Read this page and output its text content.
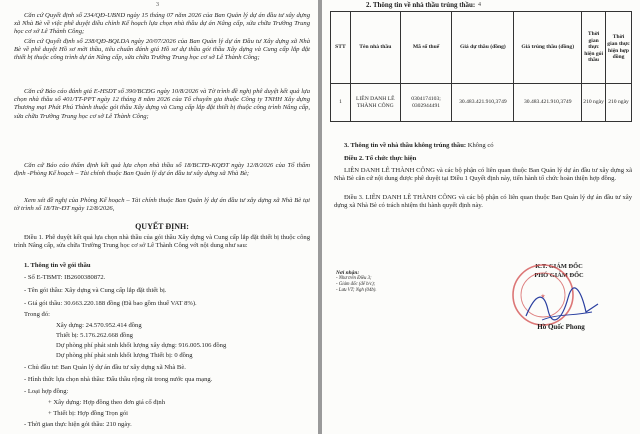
3

Căn cứ Quyết định số 234/QĐ-UBND ngày 15 tháng 07 năm 2026 của Ban Quản lý dự án đầu tư xây dựng xã Nhà Bè về việc phê duyệt điều chỉnh Kế hoạch lựa chọn nhà thầu dự án Nâng cấp, sửa chữa Trường Trung học cơ sở Lê Thành Công;

Căn cứ Quyết định số 238/QĐ-BQLDA ngày 20/07/2026 của Ban Quản lý dự án Đầu tư Xây dựng xã Nhà Bè về phê duyệt Hồ sơ mời thầu, tiêu chuẩn đánh giá Hồ sơ dự thầu gói thầu Xây dựng và Cung cấp lắp đặt thiết bị thuộc công trình dự án Nâng cấp, sửa chữa Trường Trung học cơ sở Lê Thành Công;

Căn cứ Báo cáo đánh giá E-HSDT số 390/BCĐG ngày 10/8/2026 và Tờ trình đề nghị phê duyệt kết quả lựa chọn nhà thầu số 401/TT-PPT ngày 12 tháng 8 năm 2026 của Tổ chuyên gia thuộc Công ty TNHH Xây dựng Thương mại Phát Phú Thành thuộc gói thầu Xây dựng và Cung cấp lắp đặt thiết bị thuộc công trình Nâng cấp, sửa chữa Trường Trung học cơ sở Lê Thành Công;

Căn cứ Báo cáo thẩm định kết quả lựa chọn nhà thầu số 18/BCTĐ-KQĐT ngày 12/8/2026 của Tổ thẩm định -Phòng Kế hoạch – Tài chính thuộc Ban Quản lý dự án đầu tư xây dựng xã Nhà Bè;

Xem xét đề nghị của Phòng Kế hoạch – Tài chính thuộc Ban Quản lý dự án đầu tư xây dựng xã Nhà Bè tại tờ trình số 18/Ttr-ĐT ngày 12/8/2026,

QUYẾT ĐỊNH:

Điều 1. Phê duyệt kết quả lựa chọn nhà thầu của gói thầu Xây dựng và Cung cấp lắp đặt thiết bị thuộc công trình Nâng cấp, sửa chữa Trường Trung học cơ sở Lê Thành Công với nội dung như sau:

1. Thông tin về gói thầu
- Số E-TBMT: IB2600380872.
- Tên gói thầu: Xây dựng và Cung cấp lắp đặt thiết bị.
- Giá gói thầu: 30.663.220.188 đồng (Đã bao gồm thuế VAT 8%).
Trong đó:
Xây dựng: 24.570.952.414 đồng
Thiết bị: 5.176.262.668 đồng
Dự phòng phí phát sinh khối lượng xây dựng: 916.005.106 đồng
Dự phòng phí phát sinh khối lượng Thiết bị: 0 đồng
- Chủ đầu tư: Ban Quản lý dự án đầu tư xây dựng xã Nhà Bè.
- Hình thức lựa chọn nhà thầu: Đấu thầu rộng rãi trong nước qua mạng.
- Loại hợp đồng:
+ Xây dựng: Hợp đồng theo đơn giá cố định
+ Thiết bị: Hợp đồng Trọn gói
- Thời gian thực hiện gói thầu: 210 ngày.
4
2. Thông tin về nhà thầu trúng thầu:
STT	Tên nhà thầu	Mã số thuế	Giá dự thầu (đồng)	Giá trúng thầu (đồng)	Thời gian thực hiện gói thầu	Thời gian thực hiện hợp đồng
1	LIÊN DANH LÊ THÀNH CÔNG	0304174103; 0302944491	30.483.421.910,3749	30.483.421.910,3749	210 ngày	210 ngày
3. Thông tin về nhà thầu không trúng thầu: Không có
Điều 2. Tổ chức thực hiện

LIÊN DANH LÊ THÀNH CÔNG và các bộ phận có liên quan thuộc Ban Quản lý dự án đầu tư xây dựng xã Nhà Bè căn cứ nội dung được phê duyệt tại Điều 1 Quyết định này, tiến hành tổ chức hoàn thiện hợp đồng.

Điều 3. LIÊN DANH LÊ THÀNH CÔNG và các bộ phận có liên quan thuộc Ban Quản lý dự án đầu tư xây dựng xã Nhà Bè có trách nhiệm thi hành quyết định này.

K.T. GIÁM ĐỐC
PHÓ GIÁM ĐỐC
Nơi nhận:
- Như trên Điều 3;
- Giám đốc (để b/c);
- Lưu VT; Ngh (04b).
★
Hồ Quốc Phong
